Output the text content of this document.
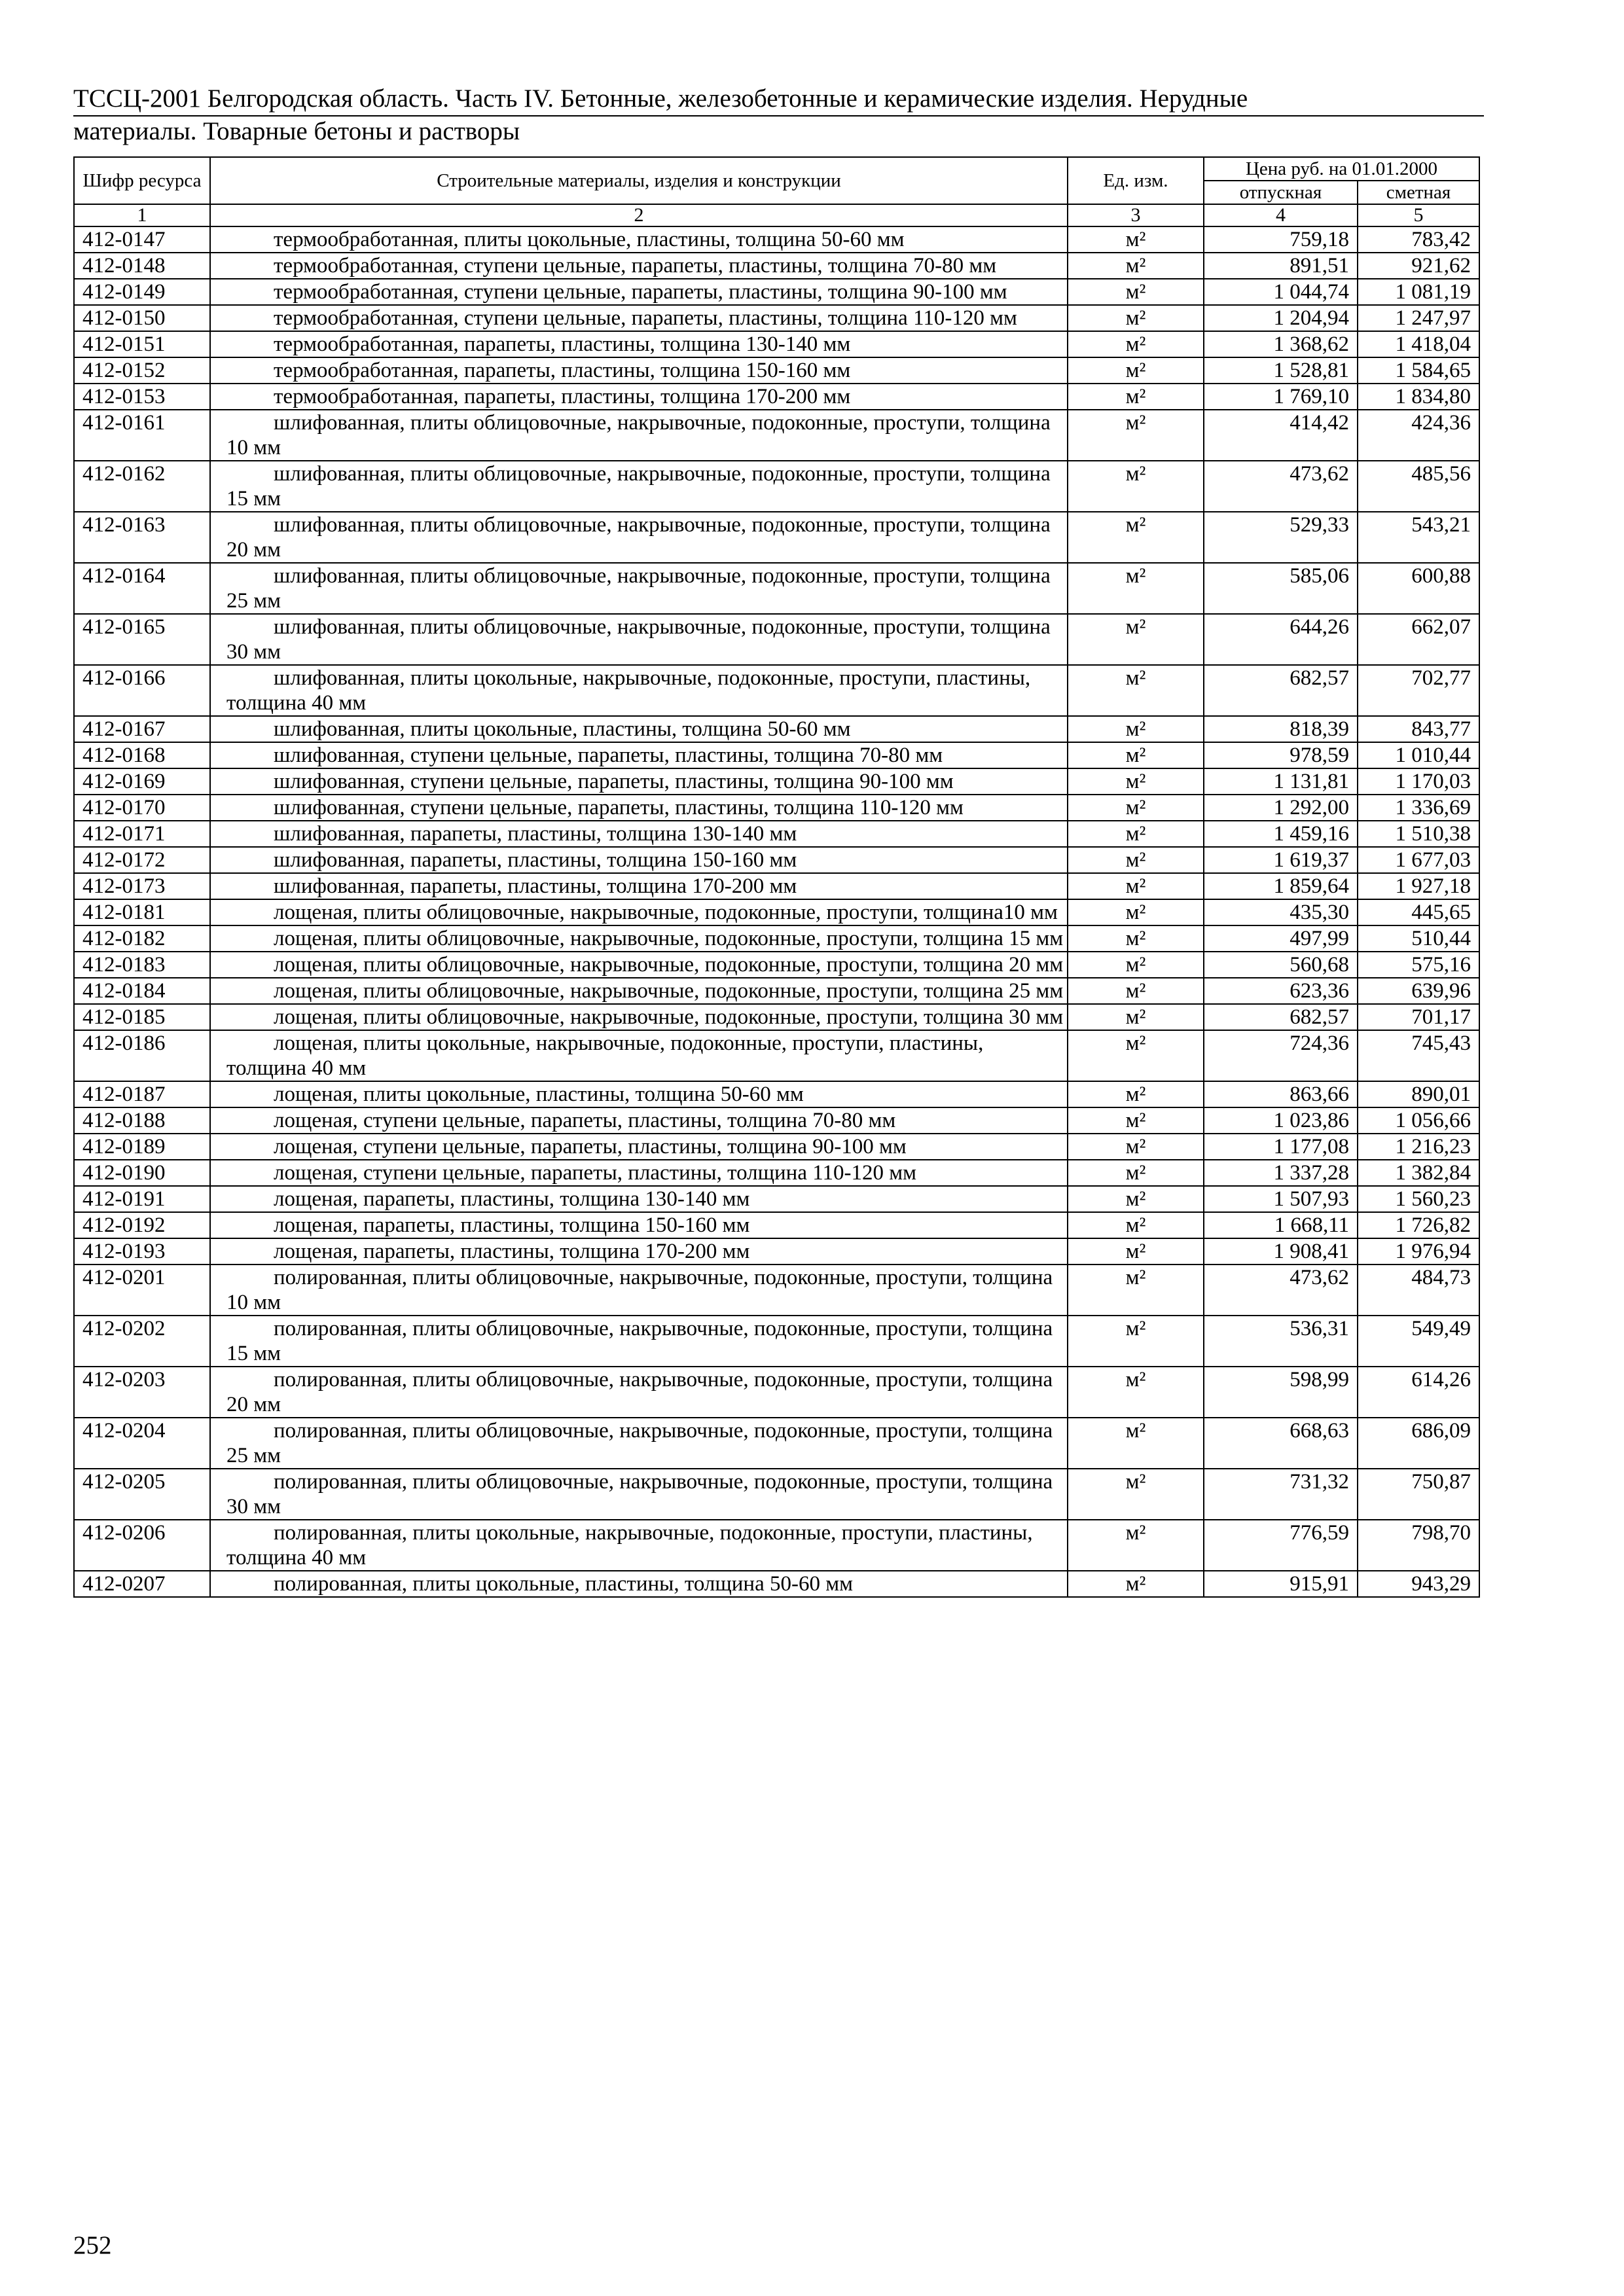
ТССЦ-2001 Белгородская область. Часть IV. Бетонные, железобетонные и керамические изделия. Нерудные
материалы. Товарные бетоны и растворы
Шифр ресурса	Строительные материалы, изделия и конструкции	Ед. изм.	Цена руб. на 01.01.2000	
			отпускная	сметная
1	2	3	4	5
412-0147	термообработанная, плиты цокольные, пластины, толщина 50-60 мм	м²	759,18	783,42
412-0148	термообработанная, ступени цельные, парапеты, пластины, толщина 70-80 мм	м²	891,51	921,62
412-0149	термообработанная, ступени цельные, парапеты, пластины, толщина 90-100 мм	м²	1 044,74	1 081,19
412-0150	термообработанная, ступени цельные, парапеты, пластины, толщина 110-120 мм	м²	1 204,94	1 247,97
412-0151	термообработанная, парапеты, пластины, толщина 130-140 мм	м²	1 368,62	1 418,04
412-0152	термообработанная, парапеты, пластины, толщина 150-160 мм	м²	1 528,81	1 584,65
412-0153	термообработанная, парапеты, пластины, толщина 170-200 мм	м²	1 769,10	1 834,80
412-0161	шлифованная, плиты облицовочные, накрывочные, подоконные, проступи, толщина 10 мм	м²	414,42	424,36
412-0162	шлифованная, плиты облицовочные, накрывочные, подоконные, проступи, толщина 15 мм	м²	473,62	485,56
412-0163	шлифованная, плиты облицовочные, накрывочные, подоконные, проступи, толщина 20 мм	м²	529,33	543,21
412-0164	шлифованная, плиты облицовочные, накрывочные, подоконные, проступи, толщина 25 мм	м²	585,06	600,88
412-0165	шлифованная, плиты облицовочные, накрывочные, подоконные, проступи, толщина 30 мм	м²	644,26	662,07
412-0166	шлифованная, плиты цокольные, накрывочные, подоконные, проступи, пластины, толщина 40 мм	м²	682,57	702,77
412-0167	шлифованная, плиты цокольные, пластины, толщина 50-60 мм	м²	818,39	843,77
412-0168	шлифованная, ступени цельные, парапеты, пластины, толщина 70-80 мм	м²	978,59	1 010,44
412-0169	шлифованная, ступени цельные, парапеты, пластины, толщина 90-100 мм	м²	1 131,81	1 170,03
412-0170	шлифованная, ступени цельные, парапеты, пластины, толщина 110-120 мм	м²	1 292,00	1 336,69
412-0171	шлифованная, парапеты, пластины, толщина 130-140 мм	м²	1 459,16	1 510,38
412-0172	шлифованная, парапеты, пластины, толщина 150-160 мм	м²	1 619,37	1 677,03
412-0173	шлифованная, парапеты, пластины, толщина 170-200 мм	м²	1 859,64	1 927,18
412-0181	лощеная, плиты облицовочные, накрывочные, подоконные, проступи, толщина10 мм	м²	435,30	445,65
412-0182	лощеная, плиты облицовочные, накрывочные, подоконные, проступи, толщина 15 мм	м²	497,99	510,44
412-0183	лощеная, плиты облицовочные, накрывочные, подоконные, проступи, толщина 20 мм	м²	560,68	575,16
412-0184	лощеная, плиты облицовочные, накрывочные, подоконные, проступи, толщина 25 мм	м²	623,36	639,96
412-0185	лощеная, плиты облицовочные, накрывочные, подоконные, проступи, толщина 30 мм	м²	682,57	701,17
412-0186	лощеная, плиты цокольные, накрывочные, подоконные, проступи, пластины, толщина 40 мм	м²	724,36	745,43
412-0187	лощеная, плиты цокольные, пластины, толщина 50-60 мм	м²	863,66	890,01
412-0188	лощеная, ступени цельные, парапеты, пластины, толщина 70-80 мм	м²	1 023,86	1 056,66
412-0189	лощеная, ступени цельные, парапеты, пластины, толщина 90-100 мм	м²	1 177,08	1 216,23
412-0190	лощеная, ступени цельные, парапеты, пластины, толщина 110-120 мм	м²	1 337,28	1 382,84
412-0191	лощеная, парапеты, пластины, толщина 130-140 мм	м²	1 507,93	1 560,23
412-0192	лощеная, парапеты, пластины, толщина 150-160 мм	м²	1 668,11	1 726,82
412-0193	лощеная, парапеты, пластины, толщина 170-200 мм	м²	1 908,41	1 976,94
412-0201	полированная, плиты облицовочные, накрывочные, подоконные, проступи, толщина 10 мм	м²	473,62	484,73
412-0202	полированная, плиты облицовочные, накрывочные, подоконные, проступи, толщина 15 мм	м²	536,31	549,49
412-0203	полированная, плиты облицовочные, накрывочные, подоконные, проступи, толщина 20 мм	м²	598,99	614,26
412-0204	полированная, плиты облицовочные, накрывочные, подоконные, проступи, толщина 25 мм	м²	668,63	686,09
412-0205	полированная, плиты облицовочные, накрывочные, подоконные, проступи, толщина 30 мм	м²	731,32	750,87
412-0206	полированная, плиты цокольные, накрывочные, подоконные, проступи, пластины, толщина 40 мм	м²	776,59	798,70
412-0207	полированная, плиты цокольные, пластины, толщина 50-60 мм	м²	915,91	943,29
252
